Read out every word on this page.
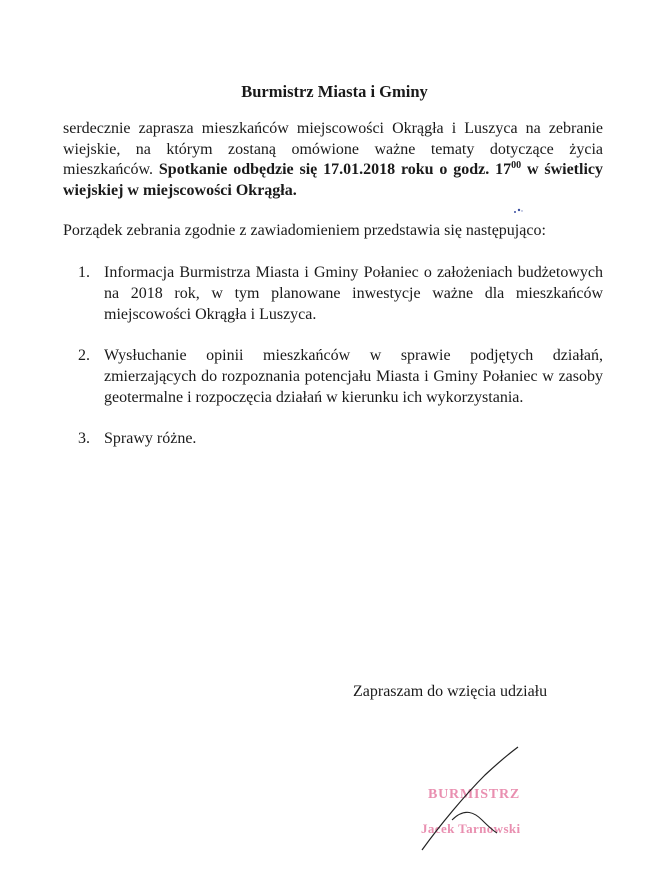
Burmistrz Miasta i Gminy
serdecznie zaprasza mieszkańców miejscowości Okrągła i Luszyca na zebranie wiejskie, na którym zostaną omówione ważne tematy dotyczące życia mieszkańców. Spotkanie odbędzie się 17.01.2018 roku o godz. $17^{00}$ w świetlicy wiejskiej w miejscowości Okrągła.
Porządek zebrania zgodnie z zawiadomieniem przedstawia się następująco:
1. Informacja Burmistrza Miasta i Gminy Połaniec o założeniach budżetowych na 2018 rok, w tym planowane inwestycje ważne dla mieszkańców miejscowości Okrągła i Luszyca.
2. Wysłuchanie opinii mieszkańców w sprawie podjętych działań, zmierzających do rozpoznania potencjału Miasta i Gminy Połaniec w zasoby geotermalne i rozpoczęcia działań w kierunku ich wykorzystania.
3. Sprawy różne.
Zapraszam do wzięcia udziału
BURMISTRZ
Jacek Tarnowski
